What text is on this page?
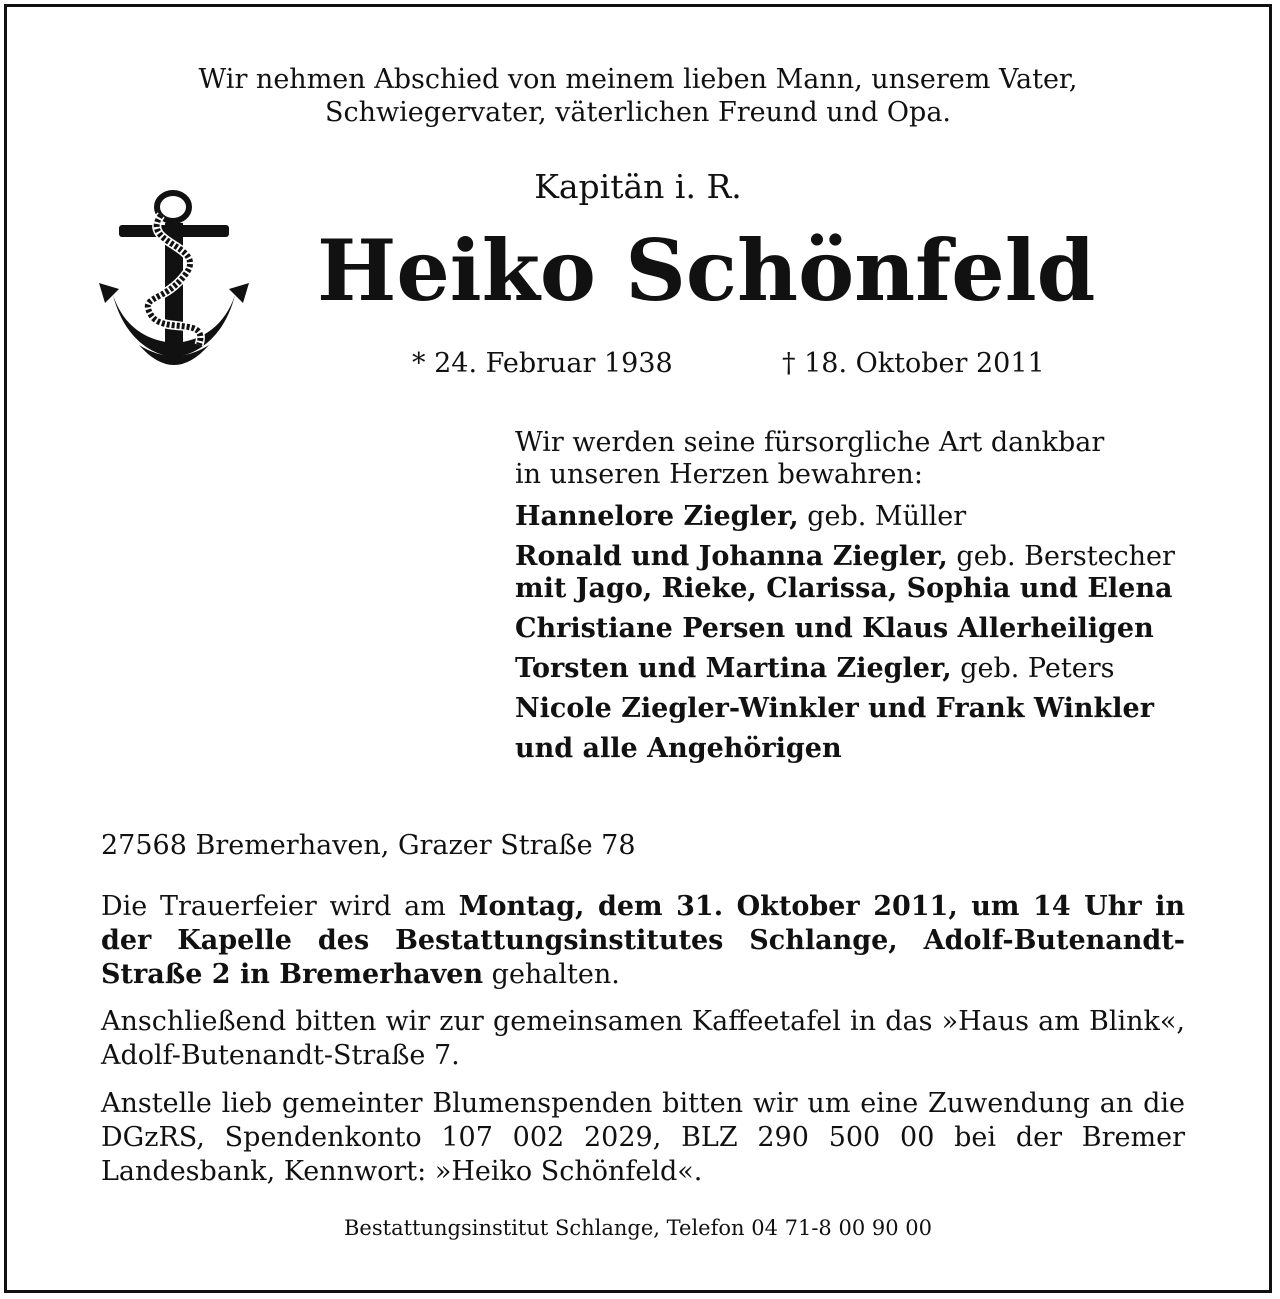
Wir nehmen Abschied von meinem lieben Mann, unserem Vater,
Schwiegervater, väterlichen Freund und Opa.
Kapitän i. R.
Heiko Schönfeld
* 24. Februar 1938	† 18. Oktober 2011
Wir werden seine fürsorgliche Art dankbar
in unseren Herzen bewahren:
Hannelore Ziegler, geb. Müller
Ronald und Johanna Ziegler, geb. Berstecher
mit Jago, Rieke, Clarissa, Sophia und Elena
Christiane Persen und Klaus Allerheiligen
Torsten und Martina Ziegler, geb. Peters
Nicole Ziegler-Winkler und Frank Winkler
und alle Angehörigen
27568 Bremerhaven, Grazer Straße 78
Die Trauerfeier wird am Montag, dem 31. Oktober 2011, um 14 Uhr in der Kapelle des Bestattungsinstitutes Schlange, Adolf-Butenandt-Straße 2 in Bremerhaven gehalten.
Anschließend bitten wir zur gemeinsamen Kaffeetafel in das »Haus am Blink«, Adolf-Butenandt-Straße 7.
Anstelle lieb gemeinter Blumenspenden bitten wir um eine Zuwendung an die DGzRS, Spendenkonto 107 002 2029, BLZ 290 500 00 bei der Bremer Landesbank, Kennwort: »Heiko Schönfeld«.
Bestattungsinstitut Schlange, Telefon 04 71-8 00 90 00
